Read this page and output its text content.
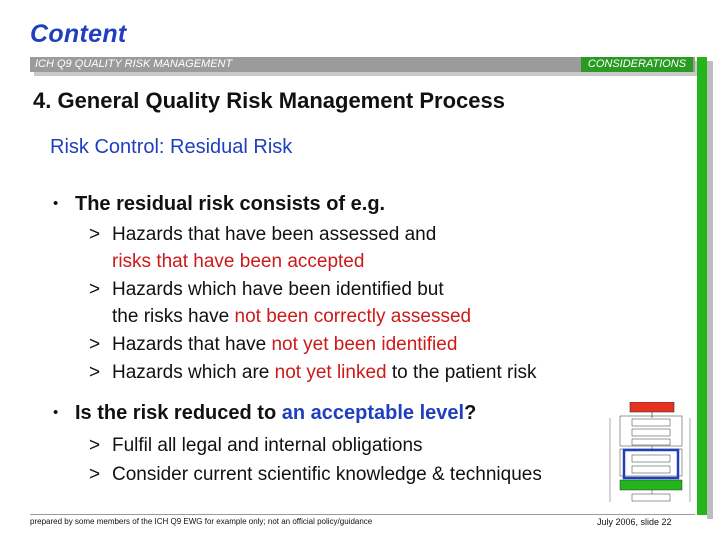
Content
ICH Q9 QUALITY RISK MANAGEMENT	CONSIDERATIONS
4. General Quality Risk Management Process
Risk Control: Residual Risk
• The residual risk consists of e.g.
> Hazards that have been assessed and
risks that have been accepted
> Hazards which have been identified but
the risks have not been correctly assessed
> Hazards that have not yet been identified
> Hazards which are not yet linked to the patient risk
• Is the risk reduced to an acceptable level?
> Fulfil all legal and internal obligations
> Consider current scientific knowledge & techniques
prepared by some members of the ICH Q9 EWG for example only; not an official policy/guidance	July 2006, slide 22
